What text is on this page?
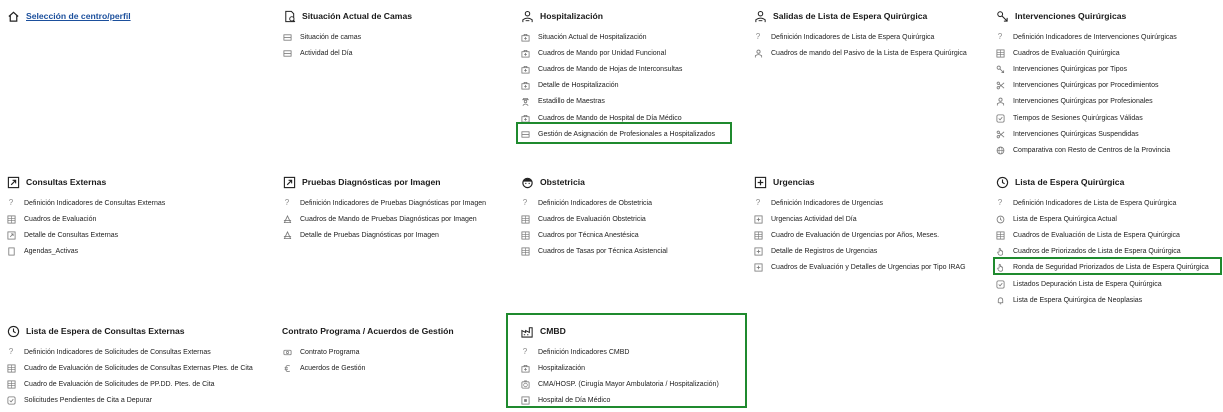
Selección de centro/perfil	Situación Actual de Camas
Situación de camas
Actividad del Día
Hospitalización
Situación Actual de Hospitalización
Cuadros de Mando por Unidad Funcional
Cuadros de Mando de Hojas de Interconsultas
Detalle de Hospitalización
Estadillo de Maestras
Cuadros de Mando de Hospital de Día Médico
Gestión de Asignación de Profesionales a Hospitalizados
Salidas de Lista de Espera Quirúrgica
? Definición Indicadores de Lista de Espera Quirúrgica
Cuadros de mando del Pasivo de la Lista de Espera Quirúrgica
Intervenciones Quirúrgicas
? Definición Indicadores de Intervenciones Quirúrgicas
Cuadros de Evaluación Quirúrgica
Intervenciones Quirúrgicas por Tipos
Intervenciones Quirúrgicas por Procedimientos
Intervenciones Quirúrgicas por Profesionales
Tiempos de Sesiones Quirúrgicas Válidas
Intervenciones Quirúrgicas Suspendidas
Comparativa con Resto de Centros de la Provincia
Consultas Externas
? Definición Indicadores de Consultas Externas
Cuadros de Evaluación
Detalle de Consultas Externas
Agendas_Activas
Pruebas Diagnósticas por Imagen
? Definición Indicadores de Pruebas Diagnósticas por Imagen
Cuadros de Mando de Pruebas Diagnósticas por Imagen
Detalle de Pruebas Diagnósticas por Imagen
Obstetricia
? Definición Indicadores de Obstetricia
Cuadros de Evaluación Obstetricia
Cuadros por Técnica Anestésica
Cuadros de Tasas por Técnica Asistencial
Urgencias
? Definición Indicadores de Urgencias
Urgencias Actividad del Día
Cuadro de Evaluación de Urgencias por Años, Meses.
Detalle de Registros de Urgencias
Cuadros de Evaluación y Detalles de Urgencias por Tipo IRAG
Lista de Espera Quirúrgica
? Definición Indicadores de Lista de Espera Quirúrgica
Lista de Espera Quirúrgica Actual
Cuadros de Evaluación de Lista de Espera Quirúrgica
Cuadros de Priorizados de Lista de Espera Quirúrgica
Ronda de Seguridad Priorizados de Lista de Espera Quirúrgica
Listados Depuración Lista de Espera Quirúrgica
Lista de Espera Quirúrgica de Neoplasias
Lista de Espera de Consultas Externas
? Definición Indicadores de Solicitudes de Consultas Externas
Cuadro de Evaluación de Solicitudes de Consultas Externas Ptes. de Cita
Cuadro de Evaluación de Solicitudes de PP.DD. Ptes. de Cita
Solicitudes Pendientes de Cita a Depurar
Contrato Programa / Acuerdos de Gestión
Contrato Programa
Acuerdos de Gestión
CMBD
? Definición Indicadores CMBD
Hospitalización
CMA/HOSP. (Cirugía Mayor Ambulatoria / Hospitalización)
Hospital de Día Médico
